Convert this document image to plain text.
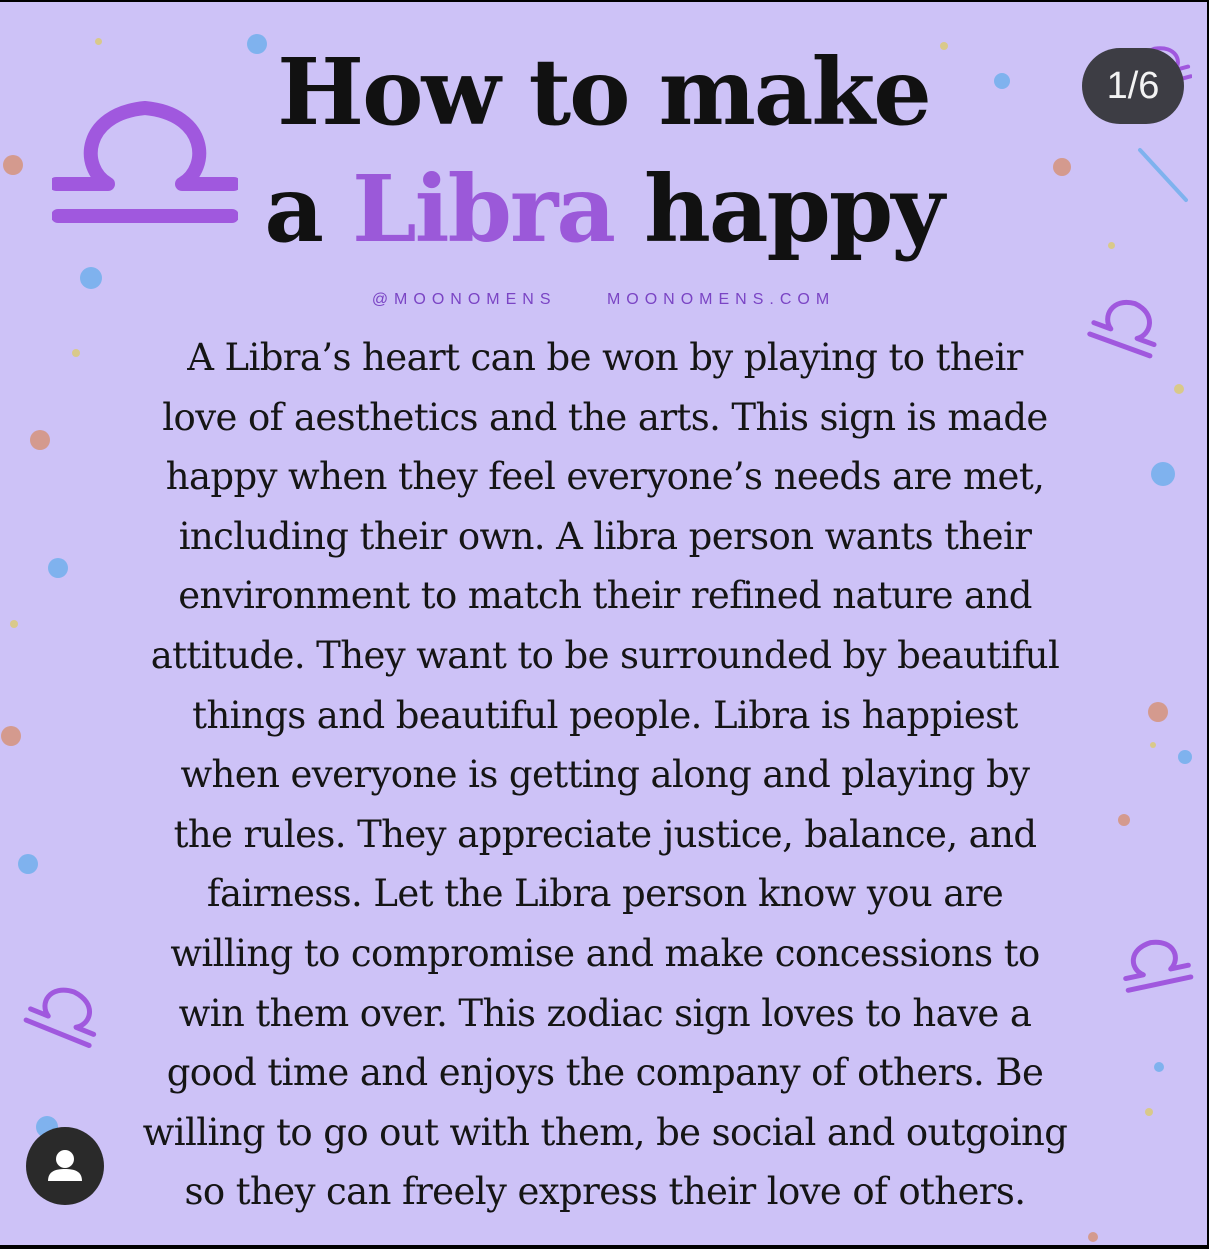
How to make
a Libra happy
@MOONOMENS	MOONOMENS.COM
A Libra’s heart can be won by playing to their
love of aesthetics and the arts. This sign is made
happy when they feel everyone’s needs are met,
including their own. A libra person wants their
environment to match their refined nature and
attitude. They want to be surrounded by beautiful
things and beautiful people. Libra is happiest
when everyone is getting along and playing by
the rules. They appreciate justice, balance, and
fairness. Let the Libra person know you are
willing to compromise and make concessions to
win them over. This zodiac sign loves to have a
good time and enjoys the company of others. Be
willing to go out with them, be social and outgoing
so they can freely express their love of others.
1/6
